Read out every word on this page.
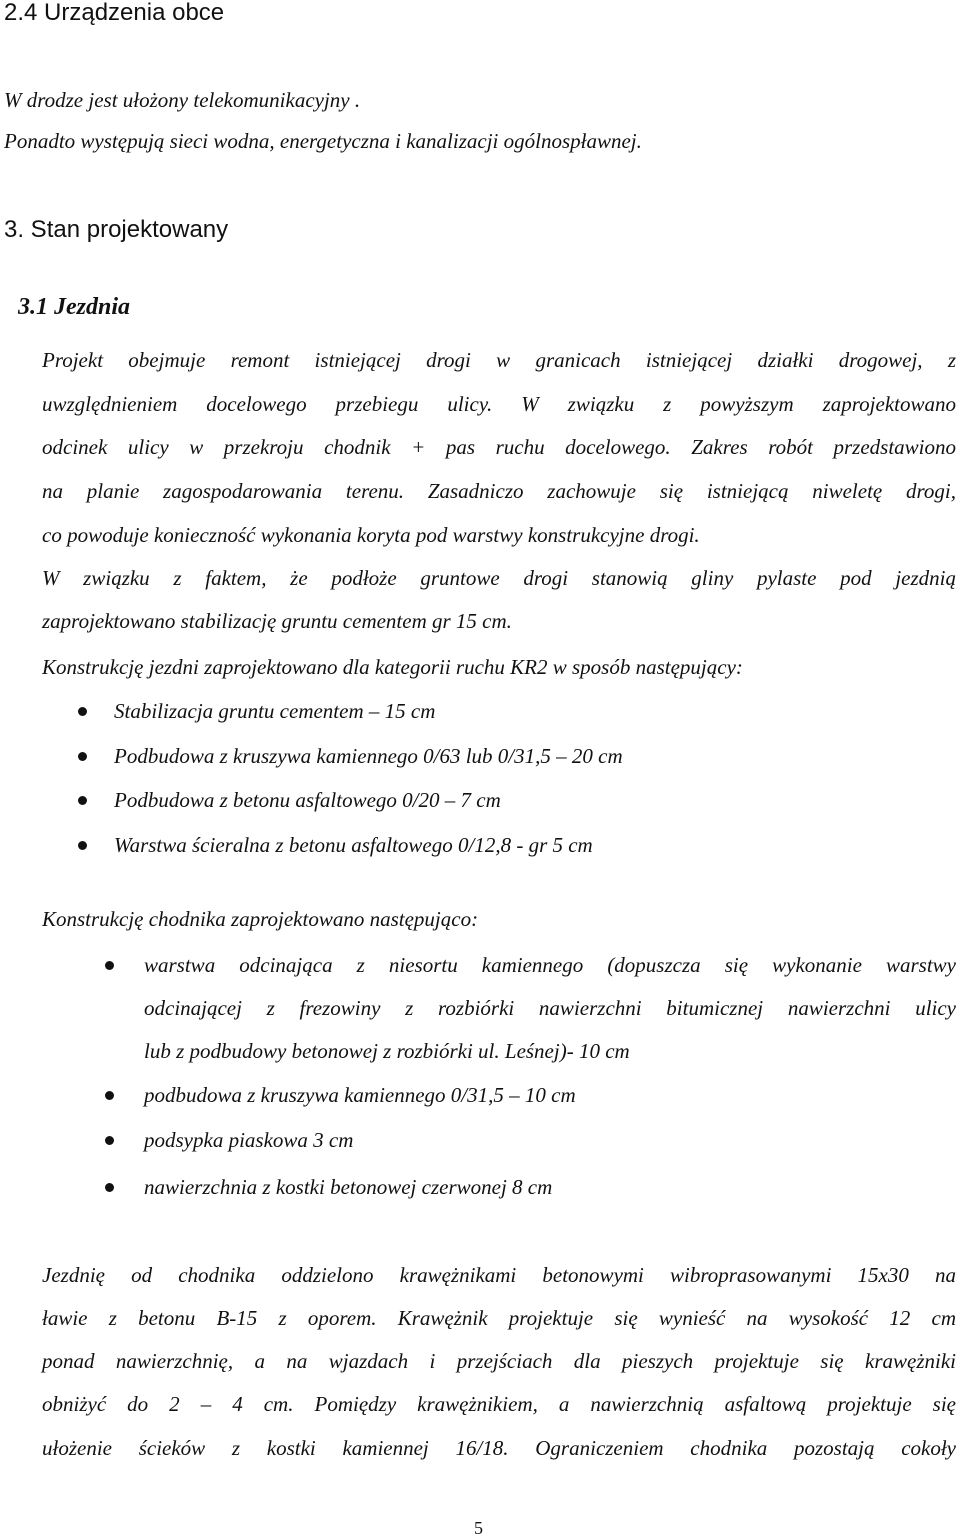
2.4 Urządzenia obce
W drodze jest ułożony telekomunikacyjny .
Ponadto występują sieci wodna, energetyczna i kanalizacji ogólnospławnej.
3. Stan projektowany
3.1 Jezdnia
Projekt obejmuje remont istniejącej drogi w granicach istniejącej działki drogowej, z
uwzględnieniem docelowego przebiegu ulicy. W związku z powyższym zaprojektowano
odcinek ulicy w przekroju chodnik + pas ruchu docelowego. Zakres robót przedstawiono
na planie zagospodarowania terenu. Zasadniczo zachowuje się istniejącą niweletę drogi,
co powoduje konieczność wykonania koryta pod warstwy konstrukcyjne drogi.
W związku z faktem, że podłoże gruntowe drogi stanowią gliny pylaste pod jezdnią
zaprojektowano stabilizację gruntu cementem gr 15 cm.
Konstrukcję jezdni zaprojektowano dla kategorii ruchu KR2 w sposób następujący:
Stabilizacja gruntu cementem – 15 cm
Podbudowa z kruszywa kamiennego 0/63 lub 0/31,5 – 20 cm
Podbudowa z betonu asfaltowego 0/20 – 7 cm
Warstwa ścieralna z betonu asfaltowego 0/12,8 - gr 5 cm
Konstrukcję chodnika zaprojektowano następująco:
warstwa odcinająca z niesortu kamiennego (dopuszcza się wykonanie warstwy
odcinającej z frezowiny z rozbiórki nawierzchni bitumicznej nawierzchni ulicy
lub z podbudowy betonowej z rozbiórki ul. Leśnej)- 10 cm
podbudowa z kruszywa kamiennego 0/31,5 – 10 cm
podsypka piaskowa 3 cm
nawierzchnia z kostki betonowej czerwonej 8 cm
Jezdnię od chodnika oddzielono krawężnikami betonowymi wibroprasowanymi 15x30 na
ławie z betonu B-15 z oporem. Krawężnik projektuje się wynieść na wysokość 12 cm
ponad nawierzchnię, a na wjazdach i przejściach dla pieszych projektuje się krawężniki
obniżyć do 2 – 4 cm. Pomiędzy krawężnikiem, a nawierzchnią asfaltową projektuje się
ułożenie ścieków z kostki kamiennej 16/18. Ograniczeniem chodnika pozostają cokoły
5
